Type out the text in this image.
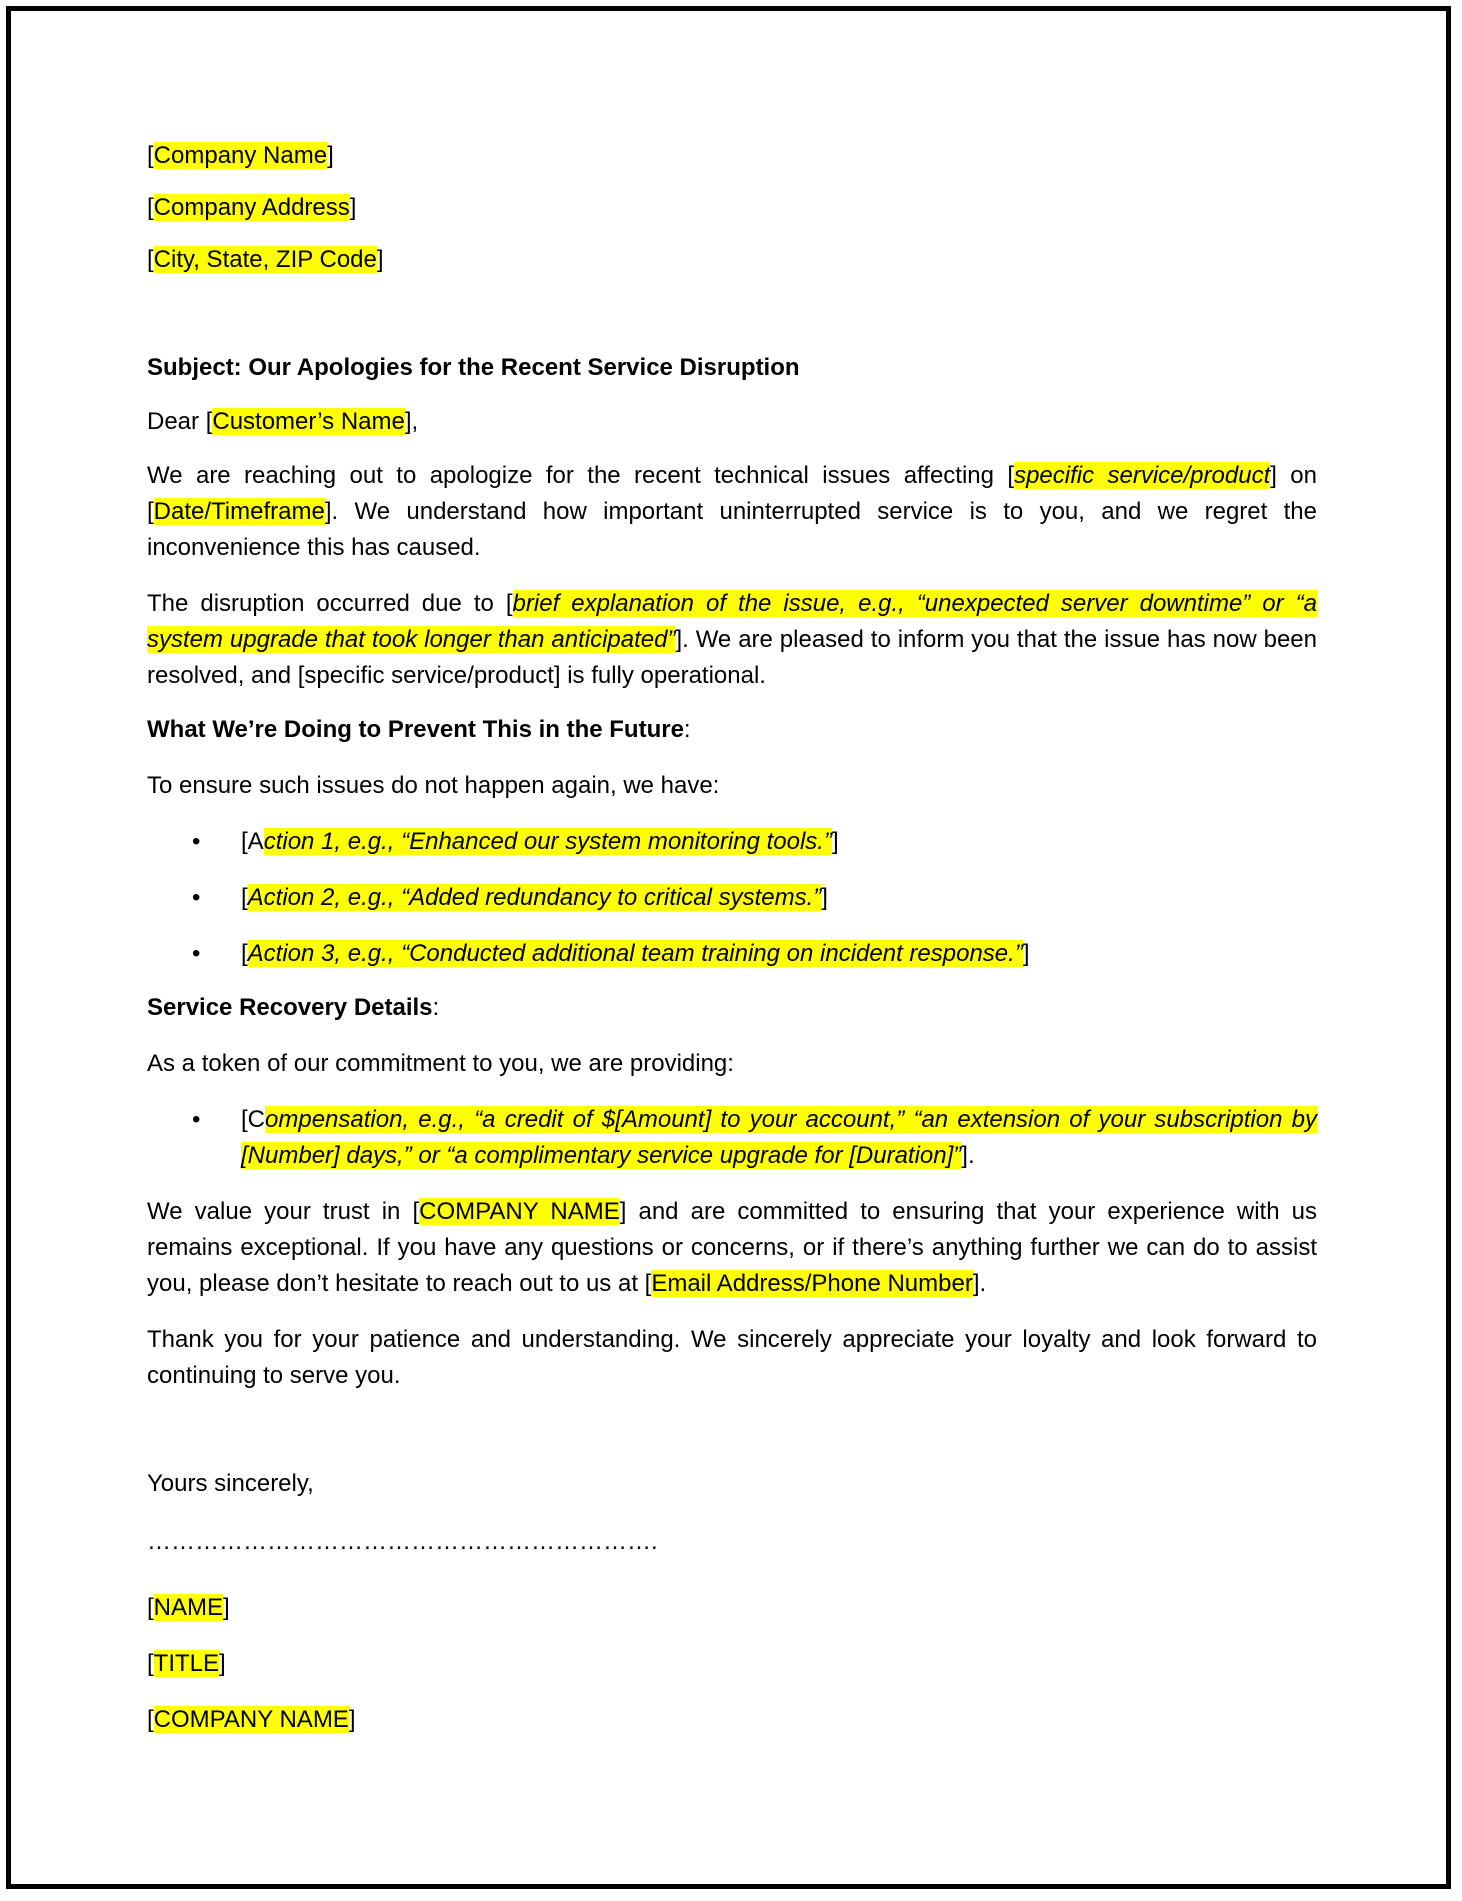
[Company Name]

[Company Address]

[City, State, ZIP Code]

Subject: Our Apologies for the Recent Service Disruption

Dear [Customer’s Name],

We are reaching out to apologize for the recent technical issues affecting [specific service/product] on [Date/Timeframe]. We understand how important uninterrupted service is to you, and we regret the inconvenience this has caused.

The disruption occurred due to [brief explanation of the issue, e.g., “unexpected server downtime” or “a system upgrade that took longer than anticipated”]. We are pleased to inform you that the issue has now been resolved, and [specific service/product] is fully operational.

What We’re Doing to Prevent This in the Future:

To ensure such issues do not happen again, we have:

• [Action 1, e.g., “Enhanced our system monitoring tools.”]
• [Action 2, e.g., “Added redundancy to critical systems.”]
• [Action 3, e.g., “Conducted additional team training on incident response.”]

Service Recovery Details:

As a token of our commitment to you, we are providing:

• [Compensation, e.g., “a credit of $[Amount] to your account,” “an extension of your subscription by [Number] days,” or “a complimentary service upgrade for [Duration]”].

We value your trust in [COMPANY NAME] and are committed to ensuring that your experience with us remains exceptional. If you have any questions or concerns, or if there’s anything further we can do to assist you, please don’t hesitate to reach out to us at [Email Address/Phone Number].

Thank you for your patience and understanding. We sincerely appreciate your loyalty and look forward to continuing to serve you.

Yours sincerely,

……………………………………………………….

[NAME]

[TITLE]

[COMPANY NAME]
